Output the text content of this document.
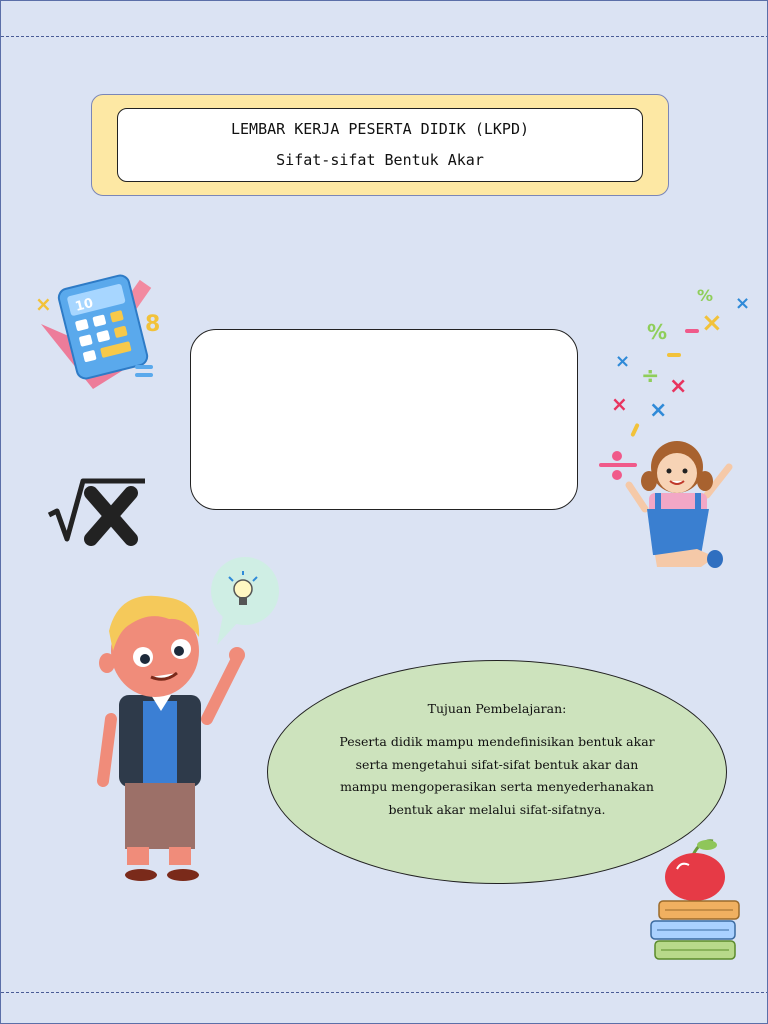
LEMBAR KERJA PESERTA DIDIK (LKPD)
Sifat-sifat Bentuk Akar
10
×
8
% ×
×
%
×
÷ ×
× ×
Tujuan Pembelajaran:
Peserta didik mampu mendefinisikan bentuk akar serta mengetahui sifat-sifat bentuk akar dan mampu mengoperasikan serta menyederhanakan bentuk akar melalui sifat-sifatnya.
